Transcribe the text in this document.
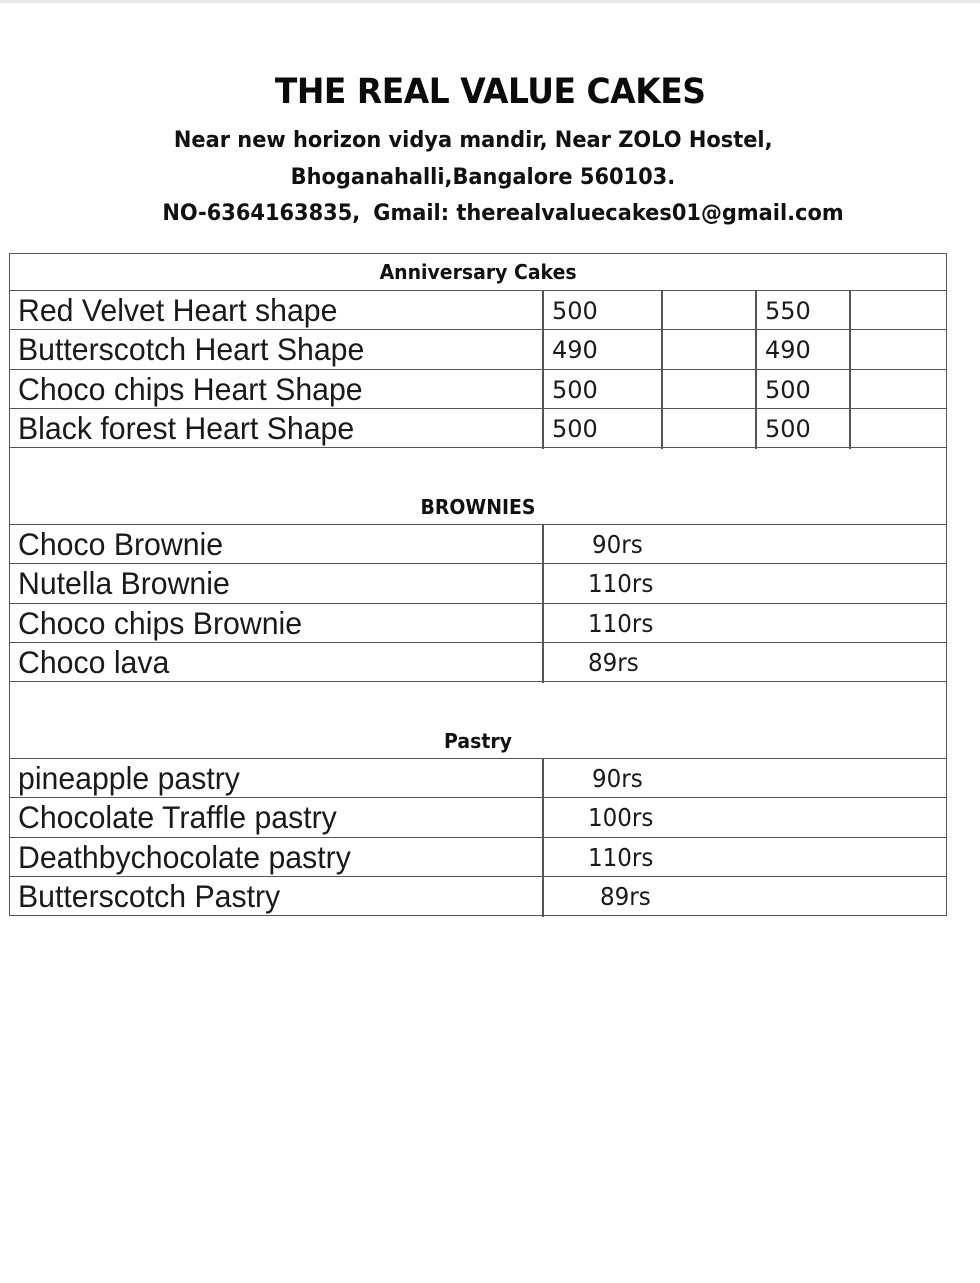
THE REAL VALUE CAKES
Near new horizon vidya mandir, Near ZOLO Hostel,
Bhoganahalli,Bangalore 560103.
NO-6364163835, Gmail: therealvaluecakes01@gmail.com
Anniversary Cakes
Red Velvet Heart shape	500	550
Butterscotch Heart Shape	490	490
Choco chips Heart Shape	500	500
Black forest Heart Shape	500	500
BROWNIES
Choco Brownie	90rs
Nutella Brownie	110rs
Choco chips Brownie	110rs
Choco lava	89rs
Pastry
pineapple pastry	90rs
Chocolate Traffle pastry	100rs
Deathbychocolate pastry	110rs
Butterscotch Pastry	89rs
